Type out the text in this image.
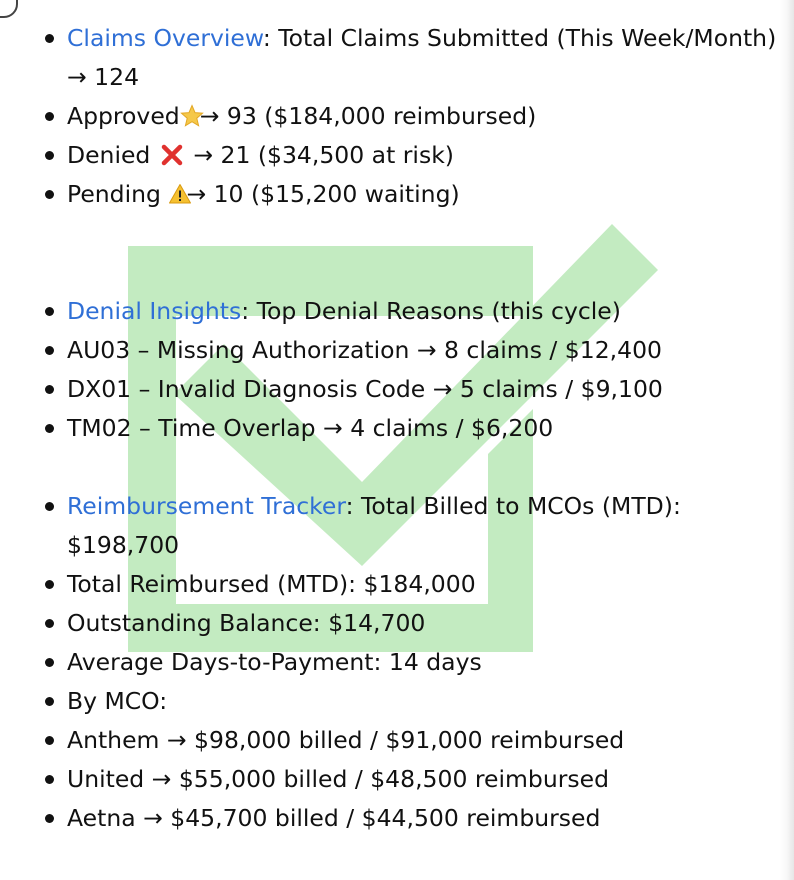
Claims Overview: Total Claims Submitted (This Week/Month) → 124
Approved → 93 ($184,000 reimbursed)
Denied → 21 ($34,500 at risk)
Pending → 10 ($15,200 waiting)
Denial Insights: Top Denial Reasons (this cycle)
AU03 – Missing Authorization → 8 claims / $12,400
DX01 – Invalid Diagnosis Code → 5 claims / $9,100
TM02 – Time Overlap → 4 claims / $6,200
Reimbursement Tracker: Total Billed to MCOs (MTD): $198,700
Total Reimbursed (MTD): $184,000
Outstanding Balance: $14,700
Average Days-to-Payment: 14 days
By MCO:
Anthem → $98,000 billed / $91,000 reimbursed
United → $55,000 billed / $48,500 reimbursed
Aetna → $45,700 billed / $44,500 reimbursed
